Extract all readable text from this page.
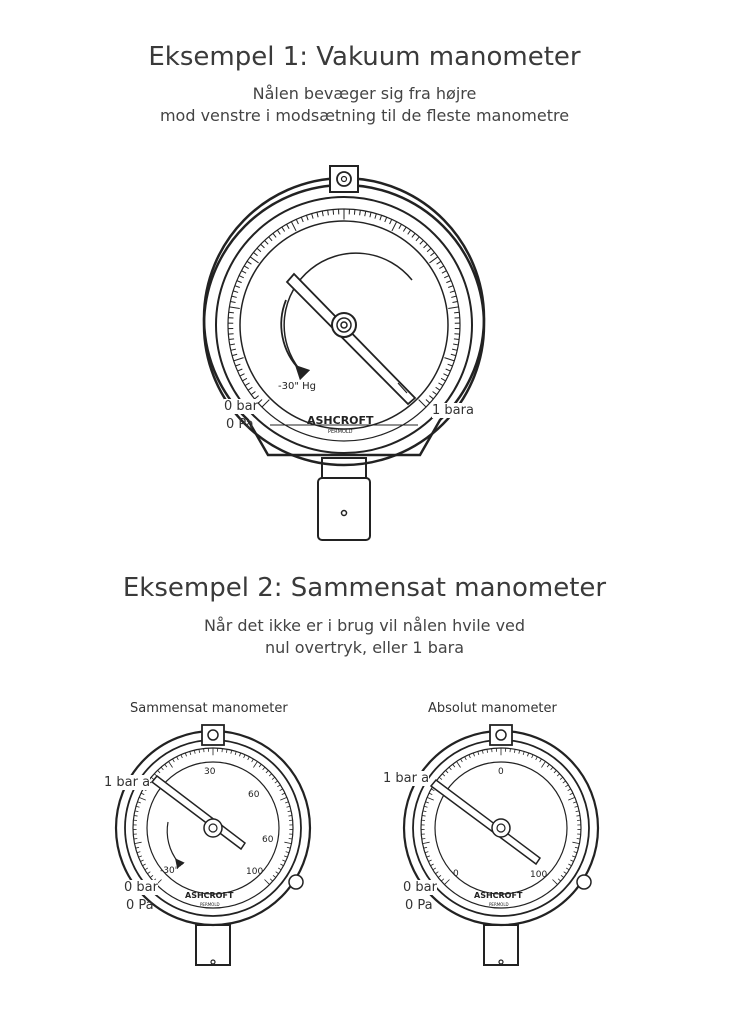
Eksempel 1: Vakuum manometer
Nålen bevæger sig fra højre
mod venstre i modsætning til de fleste manometre
Eksempel 2: Sammensat manometer
Når det ikke er i brug vil nålen hvile ved
nul overtryk, eller 1 bara
Sammensat manometer	Absolut manometer
-30" Hg
ASHCROFT
PERMOLD
30
60
60
100
-30"
ASHCROFT
PERMOLD
0
100
0
ASHCROFT
PERMOLD
0 bar
0 Pa
1 bara
1 bar a
0 bar
0 Pa
1 bar a
0 bar
0 Pa
